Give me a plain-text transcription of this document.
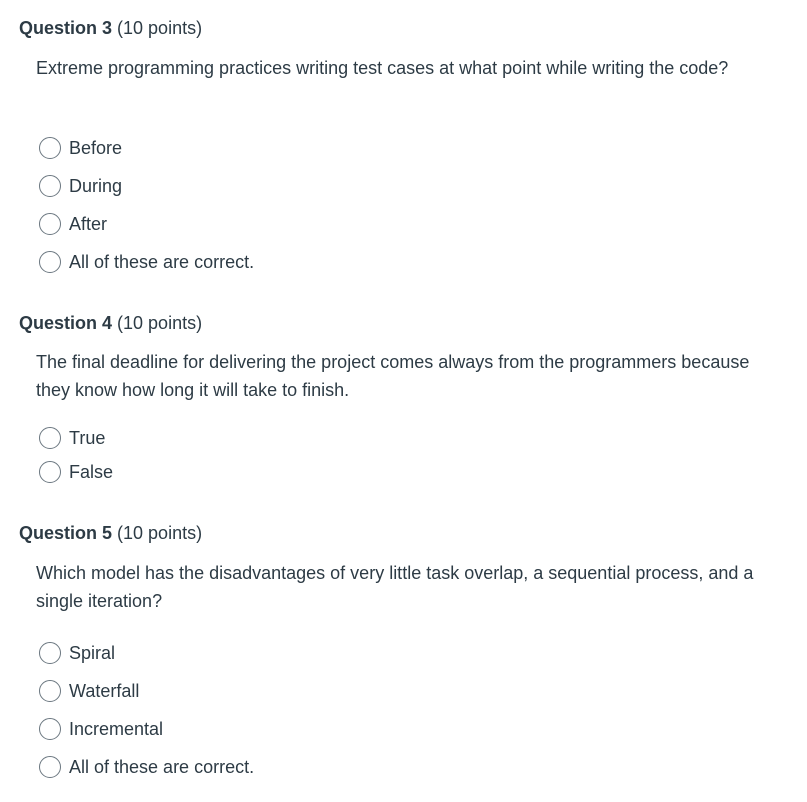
Question 3 (10 points)
Extreme programming practices writing test cases at what point while writing the code?
Before
During
After
All of these are correct.
Question 4 (10 points)
The final deadline for delivering the project comes always from the programmers because they know how long it will take to finish.
True
False
Question 5 (10 points)
Which model has the disadvantages of very little task overlap, a sequential process, and a single iteration?
Spiral
Waterfall
Incremental
All of these are correct.
